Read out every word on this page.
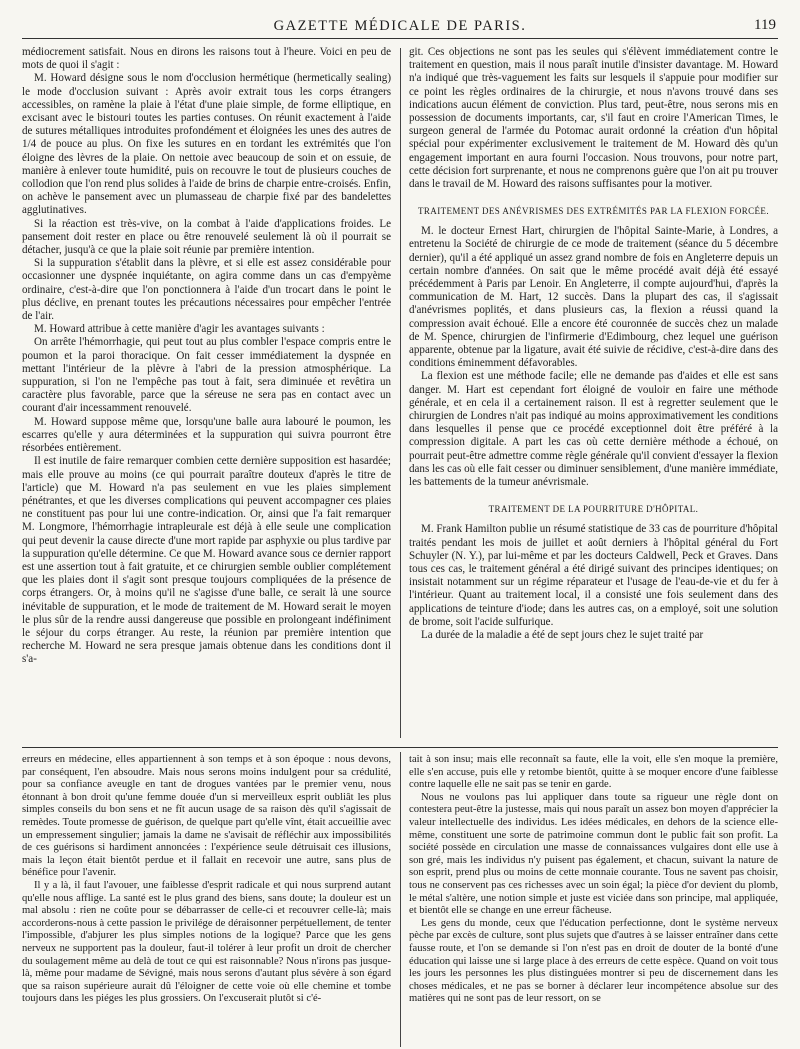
GAZETTE MÉDICALE DE PARIS.	119

médiocrement satisfait. Nous en dirons les raisons tout à l'heure. Voici en peu de mots de quoi il s'agit :

M. Howard désigne sous le nom d'occlusion hermétique (hermetically sealing) le mode d'occlusion suivant : Après avoir extrait tous les corps étrangers accessibles, on ramène la plaie à l'état d'une plaie simple, de forme elliptique, en excisant avec le bistouri toutes les parties contuses. On réunit exactement à l'aide de sutures métalliques introduites profondément et éloignées les unes des autres de 1/4 de pouce au plus. On fixe les sutures en en tordant les extrémités que l'on éloigne des lèvres de la plaie. On nettoie avec beaucoup de soin et on essuie, de manière à enlever toute humidité, puis on recouvre le tout de plusieurs couches de collodion que l'on rend plus solides à l'aide de brins de charpie entre-croisés. Enfin, on achève le pansement avec un plumasseau de charpie fixé par des bandelettes agglutinatives.

Si la réaction est très-vive, on la combat à l'aide d'applications froides. Le pansement doit rester en place ou être renouvelé seulement là où il pourrait se détacher, jusqu'à ce que la plaie soit réunie par première intention.

Si la suppuration s'établit dans la plèvre, et si elle est assez considérable pour occasionner une dyspnée inquiétante, on agira comme dans un cas d'empyème ordinaire, c'est-à-dire que l'on ponctionnera à l'aide d'un trocart dans le point le plus déclive, en prenant toutes les précautions nécessaires pour empêcher l'entrée de l'air.

M. Howard attribue à cette manière d'agir les avantages suivants :

On arrête l'hémorrhagie, qui peut tout au plus combler l'espace compris entre le poumon et la paroi thoracique. On fait cesser immédiatement la dyspnée en mettant l'intérieur de la plèvre à l'abri de la pression atmosphérique. La suppuration, si l'on ne l'empêche pas tout à fait, sera diminuée et revêtira un caractère plus favorable, parce que la séreuse ne sera pas en contact avec un courant d'air incessamment renouvelé.

M. Howard suppose même que, lorsqu'une balle aura labouré le poumon, les escarres qu'elle y aura déterminées et la suppuration qui suivra pourront être résorbées entièrement.

Il est inutile de faire remarquer combien cette dernière supposition est hasardée; mais elle prouve au moins (ce qui pourrait paraître douteux d'après le titre de l'article) que M. Howard n'a pas seulement en vue les plaies simplement pénétrantes, et que les diverses complications qui peuvent accompagner ces plaies ne constituent pas pour lui une contre-indication. Or, ainsi que l'a fait remarquer M. Longmore, l'hémorrhagie intrapleurale est déjà à elle seule une complication qui peut devenir la cause directe d'une mort rapide par asphyxie ou plus tardive par la suppuration qu'elle détermine. Ce que M. Howard avance sous ce dernier rapport est une assertion tout à fait gratuite, et ce chirurgien semble oublier complétement que les plaies dont il s'agit sont presque toujours compliquées de la présence de corps étrangers. Or, à moins qu'il ne s'agisse d'une balle, ce serait là une source inévitable de suppuration, et le mode de traitement de M. Howard serait le moyen le plus sûr de la rendre aussi dangereuse que possible en prolongeant indéfiniment le séjour du corps étranger. Au reste, la réunion par première intention que recherche M. Howard ne sera presque jamais obtenue dans les conditions dont il s'a-

git. Ces objections ne sont pas les seules qui s'élèvent immédiatement contre le traitement en question, mais il nous paraît inutile d'insister davantage. M. Howard n'a indiqué que très-vaguement les faits sur lesquels il s'appuie pour modifier sur ce point les règles ordinaires de la chirurgie, et nous n'avons trouvé dans ses indications aucun élément de conviction. Plus tard, peut-être, nous serons mis en possession de documents importants, car, s'il faut en croire l'American Times, le surgeon general de l'armée du Potomac aurait ordonné la création d'un hôpital spécial pour expérimenter exclusivement le traitement de M. Howard dès qu'un engagement important en aura fourni l'occasion. Nous trouvons, pour notre part, cette décision fort surprenante, et nous ne comprenons guère que l'on ait pu trouver dans le travail de M. Howard des raisons suffisantes pour la motiver.

TRAITEMENT DES ANÉVRISMES DES EXTRÉMITÉS PAR LA FLEXION FORCÉE.

M. le docteur Ernest Hart, chirurgien de l'hôpital Sainte-Marie, à Londres, a entretenu la Société de chirurgie de ce mode de traitement (séance du 5 décembre dernier), qu'il a été appliqué un assez grand nombre de fois en Angleterre depuis un certain nombre d'années. On sait que le même procédé avait déjà été essayé précédemment à Paris par Lenoir. En Angleterre, il compte aujourd'hui, d'après la communication de M. Hart, 12 succès. Dans la plupart des cas, il s'agissait d'anévrismes poplités, et dans plusieurs cas, la flexion a réussi quand la compression avait échoué. Elle a encore été couronnée de succès chez un malade de M. Spence, chirurgien de l'infirmerie d'Edimbourg, chez lequel une guérison apparente, obtenue par la ligature, avait été suivie de récidive, c'est-à-dire dans des conditions éminemment défavorables.

La flexion est une méthode facile; elle ne demande pas d'aides et elle est sans danger. M. Hart est cependant fort éloigné de vouloir en faire une méthode générale, et en cela il a certainement raison. Il est à regretter seulement que le chirurgien de Londres n'ait pas indiqué au moins approximativement les conditions dans lesquelles il pense que ce procédé exceptionnel doit être préféré à la compression digitale. A part les cas où cette dernière méthode a échoué, on pourrait peut-être admettre comme règle générale qu'il convient d'essayer la flexion dans les cas où elle fait cesser ou diminuer sensiblement, d'une manière immédiate, les battements de la tumeur anévrismale.

TRAITEMENT DE LA POURRITURE D'HÔPITAL.

M. Frank Hamilton publie un résumé statistique de 33 cas de pourriture d'hôpital traités pendant les mois de juillet et août derniers à l'hôpital général du Fort Schuyler (N. Y.), par lui-même et par les docteurs Caldwell, Peck et Graves. Dans tous ces cas, le traitement général a été dirigé suivant des principes identiques; on insistait notamment sur un régime réparateur et l'usage de l'eau-de-vie et du fer à l'intérieur. Quant au traitement local, il a consisté une fois seulement dans des applications de teinture d'iode; dans les autres cas, on a employé, soit une solution de brome, soit l'acide sulfurique.

La durée de la maladie a été de sept jours chez le sujet traité par

erreurs en médecine, elles appartiennent à son temps et à son époque : nous devons, par conséquent, l'en absoudre. Mais nous serons moins indulgent pour sa crédulité, pour sa confiance aveugle en tant de drogues vantées par le premier venu, nous étonnant à bon droit qu'une femme douée d'un si merveilleux esprit oubliât les plus simples conseils du bon sens et ne fît aucun usage de sa raison dès qu'il s'agissait de remèdes. Toute promesse de guérison, de quelque part qu'elle vînt, était accueillie avec un empressement singulier; jamais la dame ne s'avisait de réfléchir aux impossibilités de ces guérisons si hardiment annoncées : l'expérience seule détruisait ces illusions, mais la leçon était bientôt perdue et il fallait en recevoir une autre, sans plus de bénéfice pour l'avenir.

Il y a là, il faut l'avouer, une faiblesse d'esprit radicale et qui nous surprend autant qu'elle nous afflige. La santé est le plus grand des biens, sans doute; la douleur est un mal absolu : rien ne coûte pour se débarrasser de celle-ci et recouvrer celle-là; mais accorderons-nous à cette passion le privilége de déraisonner perpétuellement, de tenter l'impossible, d'abjurer les plus simples notions de la logique? Parce que les gens nerveux ne supportent pas la douleur, faut-il tolérer à leur profit un droit de chercher du soulagement même au delà de tout ce qui est raisonnable? Nous n'irons pas jusque-là, même pour madame de Sévigné, mais nous serons d'autant plus sévère à son égard que sa raison supérieure aurait dû l'éloigner de cette voie où elle chemine et tombe toujours dans les piéges les plus grossiers. On l'excuserait plutôt si c'é-

tait à son insu; mais elle reconnaît sa faute, elle la voit, elle s'en moque la première, elle s'en accuse, puis elle y retombe bientôt, quitte à se moquer encore d'une faiblesse contre laquelle elle ne sait pas se tenir en garde.

Nous ne voulons pas lui appliquer dans toute sa rigueur une règle dont on contestera peut-être la justesse, mais qui nous paraît un assez bon moyen d'apprécier la valeur intellectuelle des individus. Les idées médicales, en dehors de la science elle-même, constituent une sorte de patrimoine commun dont le public fait son profit. La société possède en circulation une masse de connaissances vulgaires dont elle use à son gré, mais les individus n'y puisent pas également, et chacun, suivant la nature de son esprit, prend plus ou moins de cette monnaie courante. Tous ne savent pas choisir, tous ne conservent pas ces richesses avec un soin égal; la pièce d'or devient du plomb, le métal s'altère, une notion simple et juste est viciée dans son principe, mal appliquée, et bientôt elle se change en une erreur fâcheuse.

Les gens du monde, ceux que l'éducation perfectionne, dont le système nerveux pèche par excès de culture, sont plus sujets que d'autres à se laisser entraîner dans cette fausse route, et l'on se demande si l'on n'est pas en droit de douter de la bonté d'une éducation qui laisse une si large place à des erreurs de cette espèce. Quand on voit tous les jours les personnes les plus distinguées montrer si peu de discernement dans les choses médicales, et ne pas se borner à déclarer leur incompétence absolue sur des matières qui ne sont pas de leur ressort, on se
